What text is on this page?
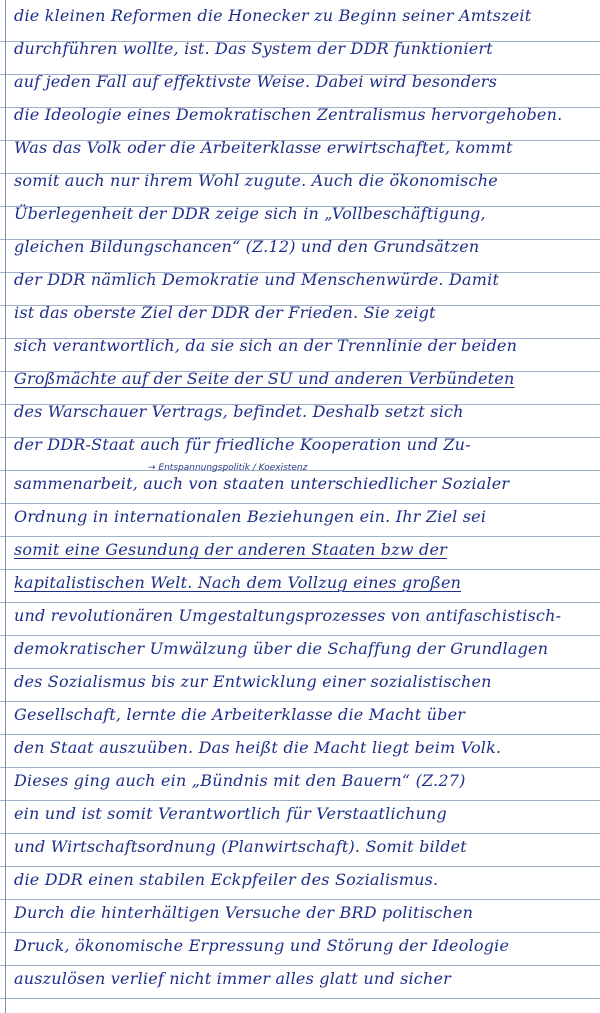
die kleinen Reformen die Honecker zu Beginn seiner Amtszeit
durchführen wollte, ist. Das System der DDR funktioniert
auf jeden Fall auf effektivste Weise. Dabei wird besonders
die Ideologie eines Demokratischen Zentralismus hervorgehoben.
Was das Volk oder die Arbeiterklasse erwirtschaftet, kommt
somit auch nur ihrem Wohl zugute. Auch die ökonomische
Überlegenheit der DDR zeige sich in „Vollbeschäftigung,
gleichen Bildungschancen“ (Z.12) und den Grundsätzen
der DDR nämlich Demokratie und Menschenwürde. Damit
ist das oberste Ziel der DDR der Frieden. Sie zeigt
sich verantwortlich, da sie sich an der Trennlinie der beiden
Großmächte auf der Seite der SU und anderen Verbündeten
des Warschauer Vertrags, befindet. Deshalb setzt sich
der DDR-Staat auch für friedliche Kooperation und Zu-
→ Entspannungspolitik / Koexistenz
sammenarbeit, auch von staaten unterschiedlicher Sozialer
Ordnung in internationalen Beziehungen ein. Ihr Ziel sei
somit eine Gesundung der anderen Staaten bzw der
kapitalistischen Welt. Nach dem Vollzug eines großen
und revolutionären Umgestaltungsprozesses von antifaschistisch-
demokratischer Umwälzung über die Schaffung der Grundlagen
des Sozialismus bis zur Entwicklung einer sozialistischen
Gesellschaft, lernte die Arbeiterklasse die Macht über
den Staat auszuüben. Das heißt die Macht liegt beim Volk.
Dieses ging auch ein „Bündnis mit den Bauern“ (Z.27)
ein und ist somit Verantwortlich für Verstaatlichung
und Wirtschaftsordnung (Planwirtschaft). Somit bildet
die DDR einen stabilen Eckpfeiler des Sozialismus.
Durch die hinterhältigen Versuche der BRD politischen
Druck, ökonomische Erpressung und Störung der Ideologie
auszulösen verlief nicht immer alles glatt und sicher
